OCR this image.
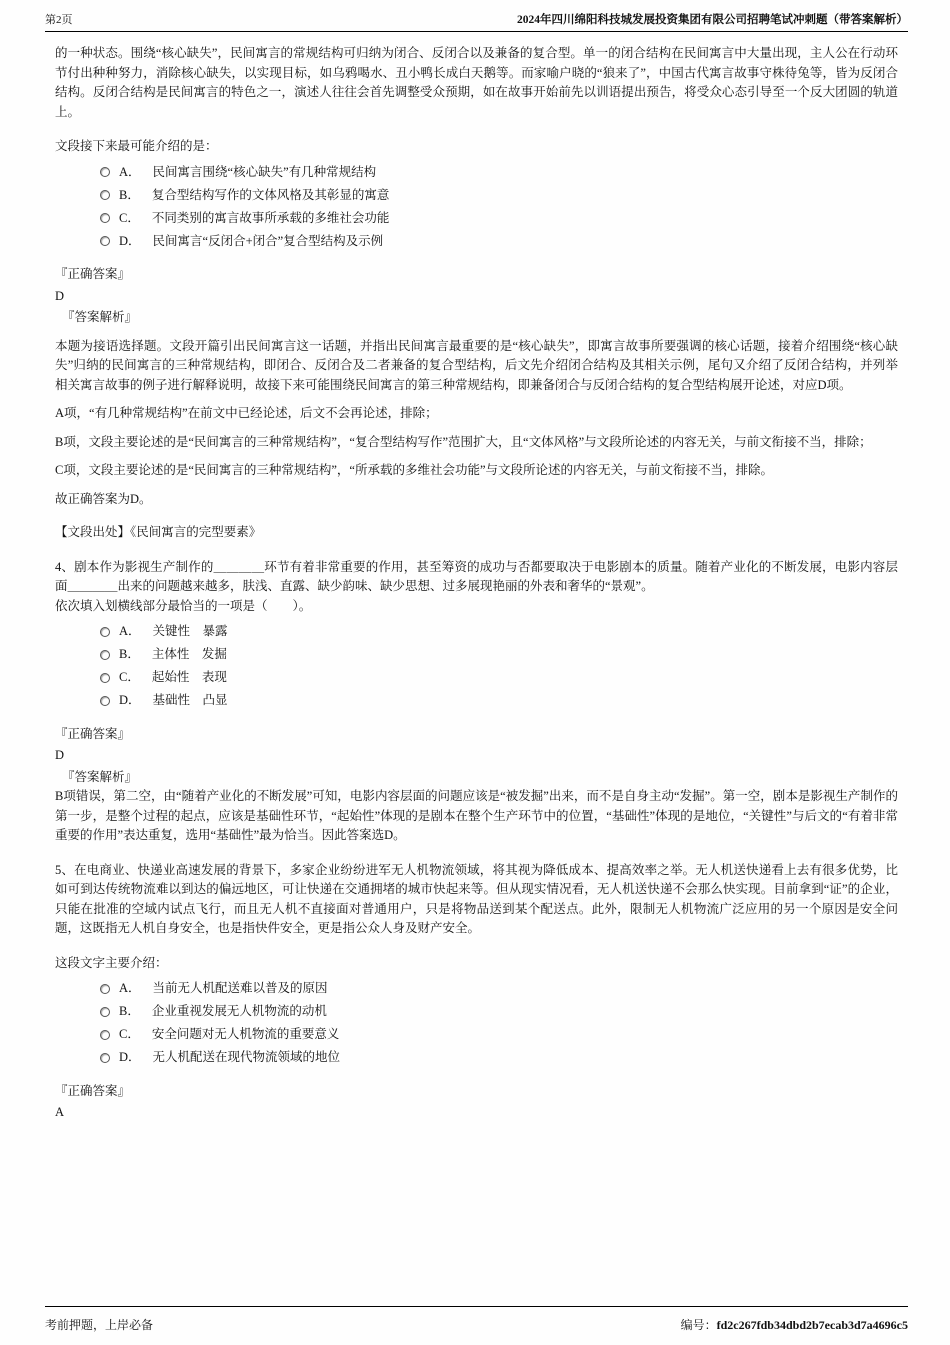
第2页	2024年四川绵阳科技城发展投资集团有限公司招聘笔试冲刺题（带答案解析）

的一种状态。围绕“核心缺失”，民间寓言的常规结构可归纳为闭合、反闭合以及兼备的复合型。单一的闭合结构在民间寓言中大量出现，主人公在行动环节付出种种努力，消除核心缺失，以实现目标，如乌鸦喝水、丑小鸭长成白天鹅等。而家喻户晓的“狼来了”，中国古代寓言故事守株待兔等，皆为反闭合结构。反闭合结构是民间寓言的特色之一，演述人往往会首先调整受众预期，如在故事开始前先以训语提出预告，将受众心态引导至一个反大团圆的轨道上。

文段接下来最可能介绍的是：

A． 民间寓言围绕“核心缺失”有几种常规结构
B． 复合型结构写作的文体风格及其彰显的寓意
C． 不同类别的寓言故事所承载的多维社会功能
D． 民间寓言“反闭合+闭合”复合型结构及示例

『正确答案』

D

『答案解析』

本题为接语选择题。文段开篇引出民间寓言这一话题，并指出民间寓言最重要的是“核心缺失”，即寓言故事所要强调的核心话题，接着介绍围绕“核心缺失”归纳的民间寓言的三种常规结构，即闭合、反闭合及二者兼备的复合型结构，后文先介绍闭合结构及其相关示例，尾句又介绍了反闭合结构，并列举相关寓言故事的例子进行解释说明，故接下来可能围绕民间寓言的第三种常规结构，即兼备闭合与反闭合结构的复合型结构展开论述，对应D项。

A项，“有几种常规结构”在前文中已经论述，后文不会再论述，排除；

B项，文段主要论述的是“民间寓言的三种常规结构”，“复合型结构写作”范围扩大，且“文体风格”与文段所论述的内容无关，与前文衔接不当，排除；

C项，文段主要论述的是“民间寓言的三种常规结构”，“所承载的多维社会功能”与文段所论述的内容无关，与前文衔接不当，排除。

故正确答案为D。

【文段出处】《民间寓言的完型要素》

4、剧本作为影视生产制作的＿＿＿＿环节有着非常重要的作用，甚至筹资的成功与否都要取决于电影剧本的质量。随着产业化的不断发展，电影内容层面＿＿＿＿出来的问题越来越多，肤浅、直露、缺少韵味、缺少思想、过多展现艳丽的外表和奢华的“景观”。

依次填入划横线部分最恰当的一项是（　　）。

A． 关键性　暴露
B． 主体性　发掘
C． 起始性　表现
D． 基础性　凸显

『正确答案』

D

『答案解析』

B项错误，第二空，由“随着产业化的不断发展”可知，电影内容层面的问题应该是“被发掘”出来，而不是自身主动“发掘”。第一空，剧本是影视生产制作的第一步，是整个过程的起点，应该是基础性环节，“起始性”体现的是剧本在整个生产环节中的位置，“基础性”体现的是地位，“关键性”与后文的“有着非常重要的作用”表达重复，选用“基础性”最为恰当。因此答案选D。

5、在电商业、快递业高速发展的背景下，多家企业纷纷进军无人机物流领域，将其视为降低成本、提高效率之举。无人机送快递看上去有很多优势，比如可到达传统物流难以到达的偏远地区，可让快递在交通拥堵的城市快起来等。但从现实情况看，无人机送快递不会那么快实现。目前拿到“证”的企业，只能在批准的空域内试点飞行，而且无人机不直接面对普通用户，只是将物品送到某个配送点。此外，限制无人机物流广泛应用的另一个原因是安全问题，这既指无人机自身安全，也是指快件安全，更是指公众人身及财产安全。

这段文字主要介绍：

A． 当前无人机配送难以普及的原因
B． 企业重视发展无人机物流的动机
C． 安全问题对无人机物流的重要意义
D． 无人机配送在现代物流领域的地位

『正确答案』

A

考前押题，上岸必备	编号：fd2c267fdb34dbd2b7ecab3d7a4696c5
